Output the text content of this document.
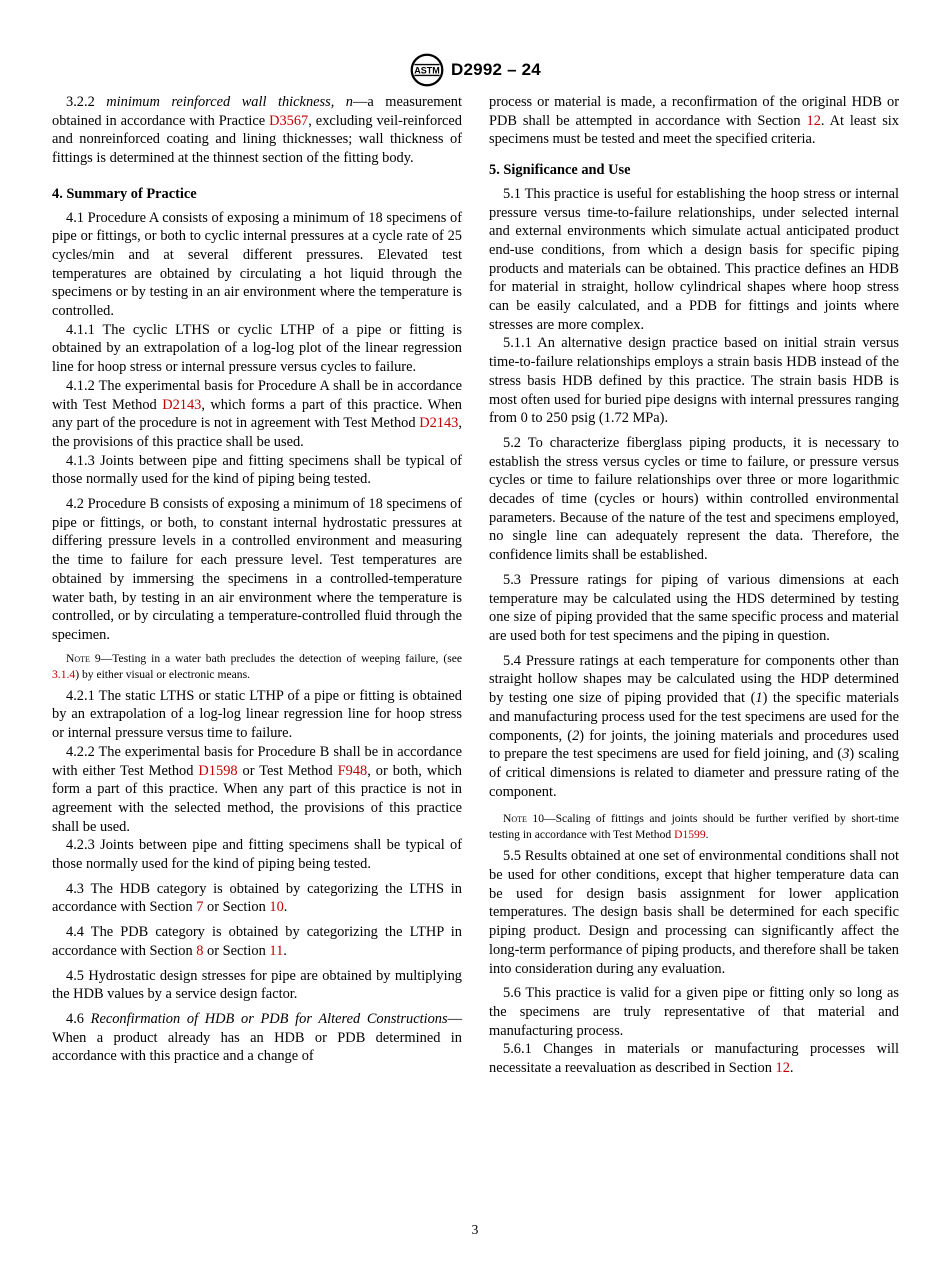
ASTM D2992 – 24

3.2.2 minimum reinforced wall thickness, n—a measurement obtained in accordance with Practice D3567, excluding veil-reinforced and nonreinforced coating and lining thicknesses; wall thickness of fittings is determined at the thinnest section of the fitting body.

4. Summary of Practice

4.1 Procedure A consists of exposing a minimum of 18 specimens of pipe or fittings, or both to cyclic internal pressures at a cycle rate of 25 cycles/min and at several different pressures. Elevated test temperatures are obtained by circulating a hot liquid through the specimens or by testing in an air environment where the temperature is controlled.

4.1.1 The cyclic LTHS or cyclic LTHP of a pipe or fitting is obtained by an extrapolation of a log-log plot of the linear regression line for hoop stress or internal pressure versus cycles to failure.

4.1.2 The experimental basis for Procedure A shall be in accordance with Test Method D2143, which forms a part of this practice. When any part of the procedure is not in agreement with Test Method D2143, the provisions of this practice shall be used.

4.1.3 Joints between pipe and fitting specimens shall be typical of those normally used for the kind of piping being tested.

4.2 Procedure B consists of exposing a minimum of 18 specimens of pipe or fittings, or both, to constant internal hydrostatic pressures at differing pressure levels in a controlled environment and measuring the time to failure for each pressure level. Test temperatures are obtained by immersing the specimens in a controlled-temperature water bath, by testing in an air environment where the temperature is controlled, or by circulating a temperature-controlled fluid through the specimen.

Note 9—Testing in a water bath precludes the detection of weeping failure, (see 3.1.4) by either visual or electronic means.

4.2.1 The static LTHS or static LTHP of a pipe or fitting is obtained by an extrapolation of a log-log linear regression line for hoop stress or internal pressure versus time to failure.

4.2.2 The experimental basis for Procedure B shall be in accordance with either Test Method D1598 or Test Method F948, or both, which form a part of this practice. When any part of this practice is not in agreement with the selected method, the provisions of this practice shall be used.

4.2.3 Joints between pipe and fitting specimens shall be typical of those normally used for the kind of piping being tested.

4.3 The HDB category is obtained by categorizing the LTHS in accordance with Section 7 or Section 10.

4.4 The PDB category is obtained by categorizing the LTHP in accordance with Section 8 or Section 11.

4.5 Hydrostatic design stresses for pipe are obtained by multiplying the HDB values by a service design factor.

4.6 Reconfirmation of HDB or PDB for Altered Constructions—When a product already has an HDB or PDB determined in accordance with this practice and a change of

process or material is made, a reconfirmation of the original HDB or PDB shall be attempted in accordance with Section 12. At least six specimens must be tested and meet the specified criteria.

5. Significance and Use

5.1 This practice is useful for establishing the hoop stress or internal pressure versus time-to-failure relationships, under selected internal and external environments which simulate actual anticipated product end-use conditions, from which a design basis for specific piping products and materials can be obtained. This practice defines an HDB for material in straight, hollow cylindrical shapes where hoop stress can be easily calculated, and a PDB for fittings and joints where stresses are more complex.

5.1.1 An alternative design practice based on initial strain versus time-to-failure relationships employs a strain basis HDB instead of the stress basis HDB defined by this practice. The strain basis HDB is most often used for buried pipe designs with internal pressures ranging from 0 to 250 psig (1.72 MPa).

5.2 To characterize fiberglass piping products, it is necessary to establish the stress versus cycles or time to failure, or pressure versus cycles or time to failure relationships over three or more logarithmic decades of time (cycles or hours) within controlled environmental parameters. Because of the nature of the test and specimens employed, no single line can adequately represent the data. Therefore, the confidence limits shall be established.

5.3 Pressure ratings for piping of various dimensions at each temperature may be calculated using the HDS determined by testing one size of piping provided that the same specific process and material are used both for test specimens and the piping in question.

5.4 Pressure ratings at each temperature for components other than straight hollow shapes may be calculated using the HDP determined by testing one size of piping provided that (1) the specific materials and manufacturing process used for the test specimens are used for the components, (2) for joints, the joining materials and procedures used to prepare the test specimens are used for field joining, and (3) scaling of critical dimensions is related to diameter and pressure rating of the component.

Note 10—Scaling of fittings and joints should be further verified by short-time testing in accordance with Test Method D1599.

5.5 Results obtained at one set of environmental conditions shall not be used for other conditions, except that higher temperature data can be used for design basis assignment for lower application temperatures. The design basis shall be determined for each specific piping product. Design and processing can significantly affect the long-term performance of piping products, and therefore shall be taken into consideration during any evaluation.

5.6 This practice is valid for a given pipe or fitting only so long as the specimens are truly representative of that material and manufacturing process.

5.6.1 Changes in materials or manufacturing processes will necessitate a reevaluation as described in Section 12.

3
